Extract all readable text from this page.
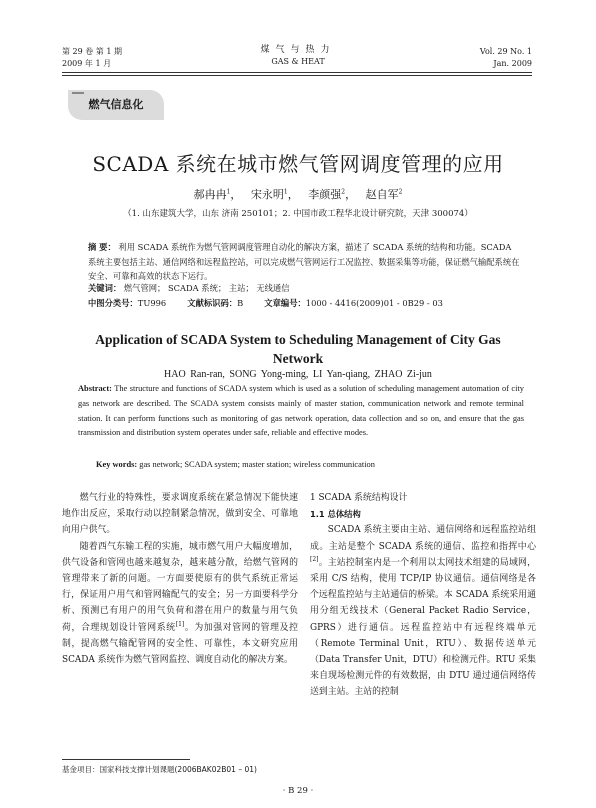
第 29 卷 第 1 期
2009 年 1 月
煤气与热力
GAS & HEAT
Vol. 29 No. 1
Jan. 2009
燃气信息化
SCADA 系统在城市燃气管网调度管理的应用
郝冉冉$^1$， 宋永明$^1$， 李颜强$^2$， 赵自军$^2$
（1. 山东建筑大学，山东 济南 250101；2. 中国市政工程华北设计研究院，天津 300074）
摘 要： 利用 SCADA 系统作为燃气管网调度管理自动化的解决方案，描述了 SCADA 系统的结构和功能。SCADA 系统主要包括主站、通信网络和远程监控站，可以完成燃气管网运行工况监控、数据采集等功能，保证燃气输配系统在安全、可靠和高效的状态下运行。
关键词： 燃气管网； SCADA 系统； 主站； 无线通信
中图分类号：TU996	文献标识码：B	文章编号：1000 - 4416(2009)01 - 0B29 - 03
Application of SCADA System to Scheduling Management of City Gas Network
HAO Ran-ran, SONG Yong-ming, LI Yan-qiang, ZHAO Zi-jun
Abstract: The structure and functions of SCADA system which is used as a solution of scheduling management automation of city gas network are described. The SCADA system consists mainly of master station, communication network and remote terminal station. It can perform functions such as monitoring of gas network operation, data collection and so on, and ensure that the gas transmission and distribution system operates under safe, reliable and effective modes.
Key words: gas network; SCADA system; master station; wireless communication

燃气行业的特殊性，要求调度系统在紧急情况下能快速地作出反应，采取行动以控制紧急情况，做到安全、可靠地向用户供气。

随着西气东输工程的实施，城市燃气用户大幅度增加，供气设备和管网也越来越复杂，越来越分散，给燃气管网的管理带来了新的问题。一方面要使原有的供气系统正常运行，保证用户用气和管网输配气的安全；另一方面要科学分析、预测已有用户的用气负荷和潜在用户的数量与用气负荷，合理规划设计管网系统[1]。为加强对管网的管理及控制，提高燃气输配管网的安全性、可靠性，本文研究应用 SCADA 系统作为燃气管网监控、调度自动化的解决方案。

1 SCADA 系统结构设计

1.1 总体结构

SCADA 系统主要由主站、通信网络和远程监控站组成。主站是整个 SCADA 系统的通信、监控和指挥中心[2]。主站控制室内是一个利用以太网技术组建的局域网，采用 C/S 结构，使用 TCP/IP 协议通信。通信网络是各个远程监控站与主站通信的桥梁。本 SCADA 系统采用通用分组无线技术（General Packet Radio Service，GPRS）进行通信。远程监控站中有远程终端单元（Remote Terminal Unit，RTU）、数据传送单元（Data Transfer Unit，DTU）和检测元件。RTU 采集来自现场检测元件的有效数据，由 DTU 通过通信网络传送到主站。主站的控制

基金项目：国家科技支撑计划课题(2006BAK02B01 – 01)
· B 29 ·
